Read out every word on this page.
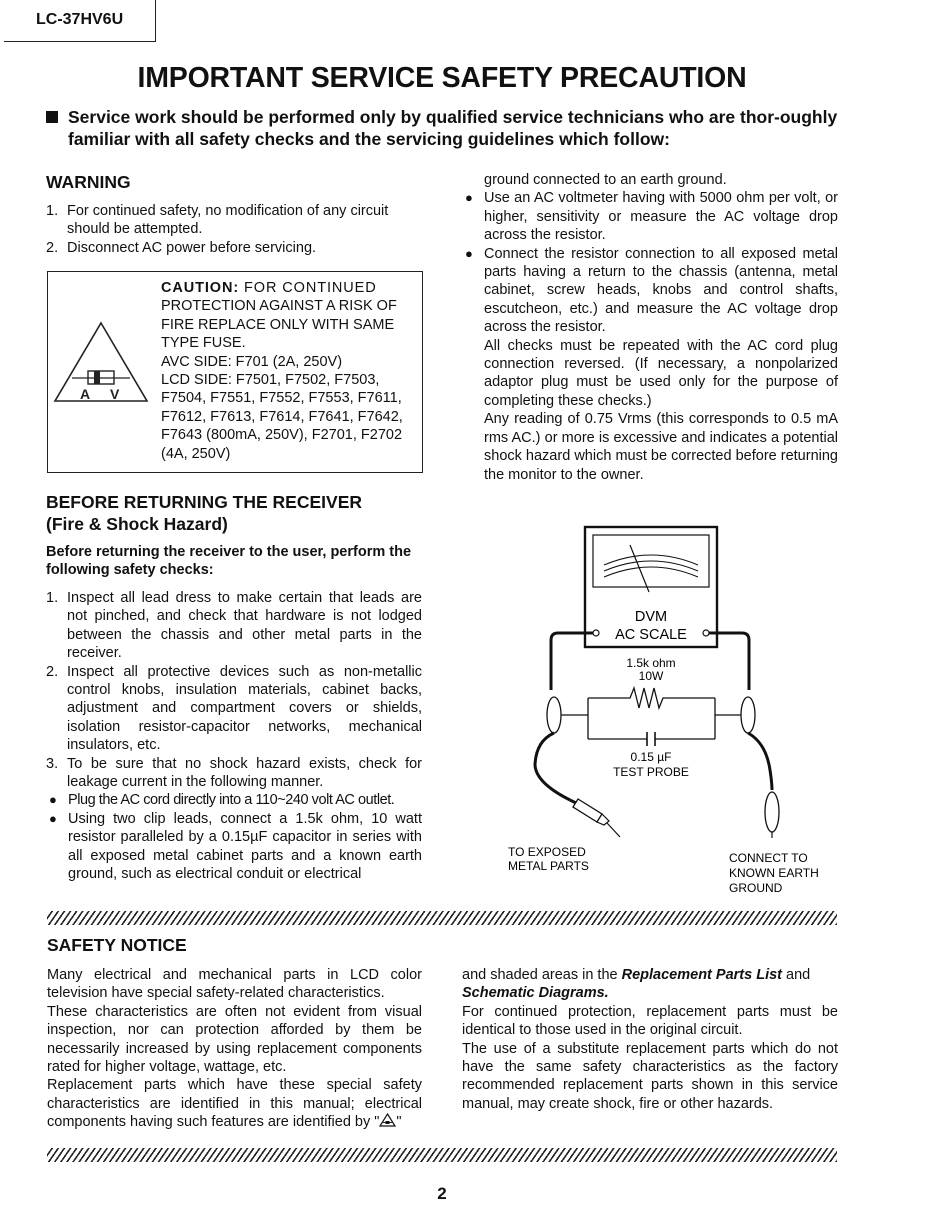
LC-37HV6U
IMPORTANT SERVICE SAFETY PRECAUTION
Service work should be performed only by qualified service technicians who are thor-oughly familiar with all safety checks and the servicing guidelines which follow:
WARNING
1. For continued safety, no modification of any circuit should be attempted.
2. Disconnect AC power before servicing.
A V
CAUTION: FOR CONTINUED
PROTECTION AGAINST A RISK OF
FIRE REPLACE ONLY WITH SAME
TYPE FUSE.
AVC SIDE: F701 (2A, 250V)
LCD SIDE: F7501, F7502, F7503,
F7504, F7551, F7552, F7553, F7611,
F7612, F7613, F7614, F7641, F7642,
F7643 (800mA, 250V), F2701, F2702
(4A, 250V)
BEFORE RETURNING THE RECEIVER
(Fire & Shock Hazard)
Before returning the receiver to the user, perform the following safety checks:
1. Inspect all lead dress to make certain that leads are not pinched, and check that hardware is not lodged between the chassis and other metal parts in the receiver.
2. Inspect all protective devices such as non-metallic control knobs, insulation materials, cabinet backs, adjustment and compartment covers or shields, isolation resistor-capacitor networks, mechanical insulators, etc.
3. To be sure that no shock hazard exists, check for leakage current in the following manner.
● Plug the AC cord directly into a 110~240 volt AC outlet.
● Using two clip leads, connect a 1.5k ohm, 10 watt resistor paralleled by a 0.15µF capacitor in series with all exposed metal cabinet parts and a known earth ground, such as electrical conduit or electrical
ground connected to an earth ground.
● Use an AC voltmeter having with 5000 ohm per volt, or higher, sensitivity or measure the AC voltage drop across the resistor.
● Connect the resistor connection to all exposed metal parts having a return to the chassis (antenna, metal cabinet, screw heads, knobs and control shafts, escutcheon, etc.) and measure the AC voltage drop across the resistor.
All checks must be repeated with the AC cord plug connection reversed. (If necessary, a nonpolarized adaptor plug must be used only for the purpose of completing these checks.)
Any reading of 0.75 Vrms (this corresponds to 0.5 mA rms AC.) or more is excessive and indicates a potential shock hazard which must be corrected before returning the monitor to the owner.
DVM
AC SCALE
1.5k ohm
10W
0.15 µF
TEST PROBE
TO EXPOSED
METAL PARTS
CONNECT TO
KNOWN EARTH
GROUND
SAFETY NOTICE
Many electrical and mechanical parts in LCD color television have special safety-related characteristics.
These characteristics are often not evident from visual inspection, nor can protection afforded by them be necessarily increased by using replacement components rated for higher voltage, wattage, etc.
Replacement parts which have these special safety characteristics are identified in this manual; electrical components having such features are identified by " "
and shaded areas in the Replacement Parts List and
Schematic Diagrams.
For continued protection, replacement parts must be identical to those used in the original circuit.
The use of a substitute replacement parts which do not have the same safety characteristics as the factory recommended replacement parts shown in this service manual, may create shock, fire or other hazards.
2
